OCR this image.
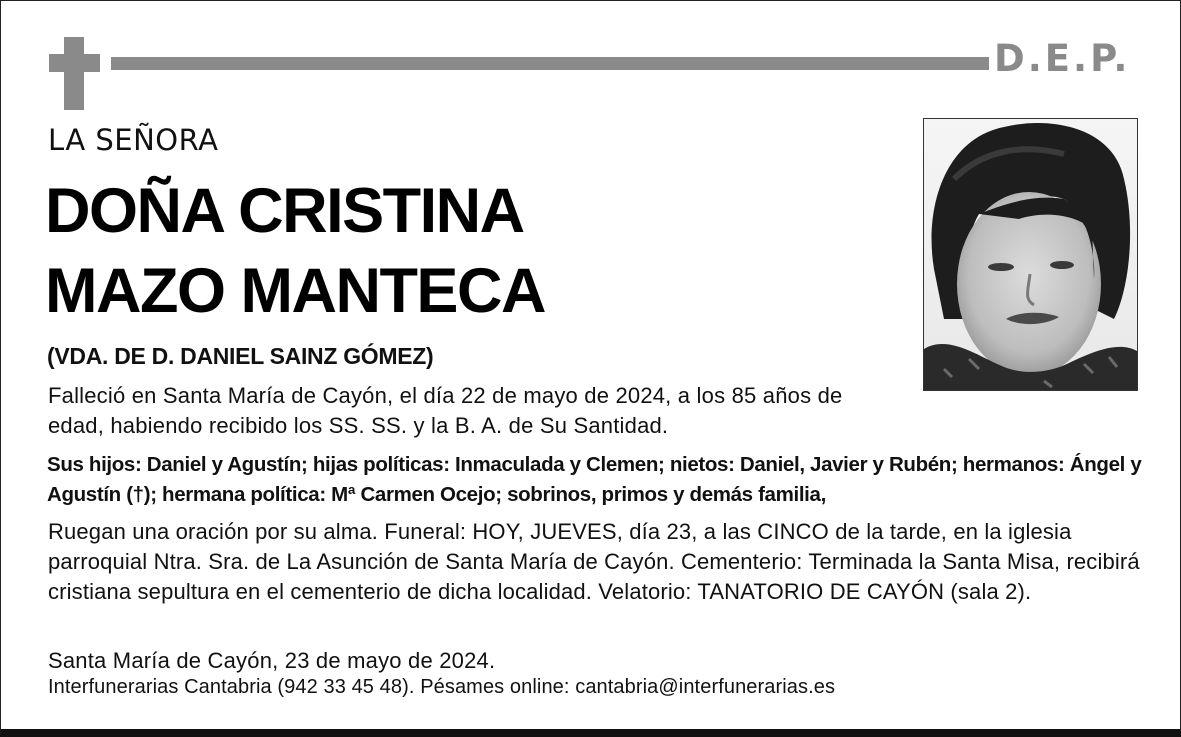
D.E.P.
LA SEÑORA
DOÑA CRISTINA
MAZO MANTECA
(VDA. DE D. DANIEL SAINZ GÓMEZ)
Falleció en Santa María de Cayón, el día 22 de mayo de 2024, a los 85 años de edad, habiendo recibido los SS. SS. y la B. A. de Su Santidad.
Sus hijos: Daniel y Agustín; hijas políticas: Inmaculada y Clemen; nietos: Daniel, Javier y Rubén; hermanos: Ángel y Agustín (†); hermana política: Mª Carmen Ocejo; sobrinos, primos y demás familia,
Ruegan una oración por su alma. Funeral: HOY, JUEVES, día 23, a las CINCO de la tarde, en la iglesia parroquial Ntra. Sra. de La Asunción de Santa María de Cayón. Cementerio: Terminada la Santa Misa, recibirá cristiana sepultura en el cementerio de dicha localidad. Velatorio: TANATORIO DE CAYÓN (sala 2).
Santa María de Cayón, 23 de mayo de 2024.
Interfunerarias Cantabria (942 33 45 48). Pésames online: cantabria@interfunerarias.es
